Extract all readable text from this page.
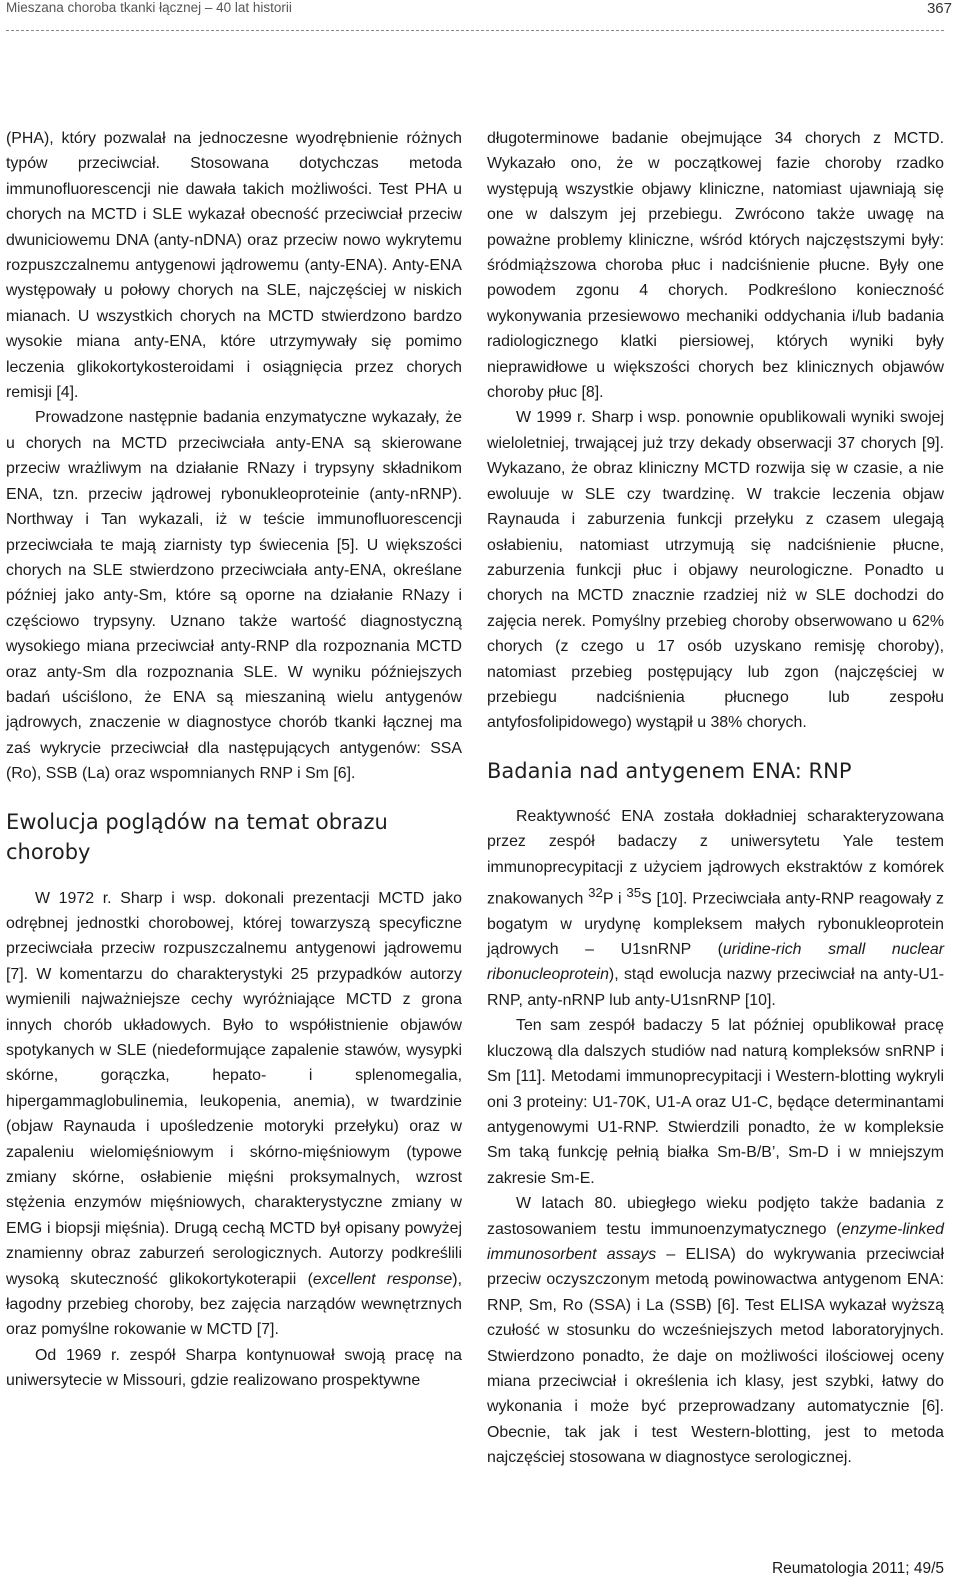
Mieszana choroba tkanki łącznej – 40 lat historii	367

(PHA), który pozwalał na jednoczesne wyodrębnienie różnych typów przeciwciał. Stosowana dotychczas metoda immunofluorescencji nie dawała takich możliwości. Test PHA u chorych na MCTD i SLE wykazał obecność przeciwciał przeciw dwuniciowemu DNA (anty-nDNA) oraz przeciw nowo wykrytemu rozpuszczalnemu antygenowi jądrowemu (anty-ENA). Anty-ENA występowały u połowy chorych na SLE, najczęściej w niskich mianach. U wszystkich chorych na MCTD stwierdzono bardzo wysokie miana anty-ENA, które utrzymywały się pomimo leczenia glikokortykosteroidami i osiągnięcia przez chorych remisji [4].

Prowadzone następnie badania enzymatyczne wykazały, że u chorych na MCTD przeciwciała anty-ENA są skierowane przeciw wrażliwym na działanie RNazy i trypsyny składnikom ENA, tzn. przeciw jądrowej rybonukleoproteinie (anty-nRNP). Northway i Tan wykazali, iż w teście immunofluorescencji przeciwciała te mają ziarnisty typ świecenia [5]. U większości chorych na SLE stwierdzono przeciwciała anty-ENA, określane później jako anty-Sm, które są oporne na działanie RNazy i częściowo trypsyny. Uznano także wartość diagnostyczną wysokiego miana przeciwciał anty-RNP dla rozpoznania MCTD oraz anty-Sm dla rozpoznania SLE. W wyniku późniejszych badań uściślono, że ENA są mieszaniną wielu antygenów jądrowych, znaczenie w diagnostyce chorób tkanki łącznej ma zaś wykrycie przeciwciał dla następujących antygenów: SSA (Ro), SSB (La) oraz wspomnianych RNP i Sm [6].

Ewolucja poglądów na temat obrazu choroby

W 1972 r. Sharp i wsp. dokonali prezentacji MCTD jako odrębnej jednostki chorobowej, której towarzyszą specyficzne przeciwciała przeciw rozpuszczalnemu antygenowi jądrowemu [7]. W komentarzu do charakterystyki 25 przypadków autorzy wymienili najważniejsze cechy wyróżniające MCTD z grona innych chorób układowych. Było to współistnienie objawów spotykanych w SLE (niedeformujące zapalenie stawów, wysypki skórne, gorączka, hepato- i splenomegalia, hipergammaglobulinemia, leukopenia, anemia), w twardzinie (objaw Raynauda i upośledzenie motoryki przełyku) oraz w zapaleniu wielomięśniowym i skórno-mięśniowym (typowe zmiany skórne, osłabienie mięśni proksymalnych, wzrost stężenia enzymów mięśniowych, charakterystyczne zmiany w EMG i biopsji mięśnia). Drugą cechą MCTD był opisany powyżej znamienny obraz zaburzeń serologicznych. Autorzy podkreślili wysoką skuteczność glikokortykoterapii (excellent response), łagodny przebieg choroby, bez zajęcia narządów wewnętrznych oraz pomyślne rokowanie w MCTD [7].

Od 1969 r. zespół Sharpa kontynuował swoją pracę na uniwersytecie w Missouri, gdzie realizowano prospektywne

długoterminowe badanie obejmujące 34 chorych z MCTD. Wykazało ono, że w początkowej fazie choroby rzadko występują wszystkie objawy kliniczne, natomiast ujawniają się one w dalszym jej przebiegu. Zwrócono także uwagę na poważne problemy kliniczne, wśród których najczęstszymi były: śródmiąższowa choroba płuc i nadciśnienie płucne. Były one powodem zgonu 4 chorych. Podkreślono konieczność wykonywania przesiewowo mechaniki oddychania i/lub badania radiologicznego klatki piersiowej, których wyniki były nieprawidłowe u większości chorych bez klinicznych objawów choroby płuc [8].

W 1999 r. Sharp i wsp. ponownie opublikowali wyniki swojej wieloletniej, trwającej już trzy dekady obserwacji 37 chorych [9]. Wykazano, że obraz kliniczny MCTD rozwija się w czasie, a nie ewoluuje w SLE czy twardzinę. W trakcie leczenia objaw Raynauda i zaburzenia funkcji przełyku z czasem ulegają osłabieniu, natomiast utrzymują się nadciśnienie płucne, zaburzenia funkcji płuc i objawy neurologiczne. Ponadto u chorych na MCTD znacznie rzadziej niż w SLE dochodzi do zajęcia nerek. Pomyślny przebieg choroby obserwowano u 62% chorych (z czego u 17 osób uzyskano remisję choroby), natomiast przebieg postępujący lub zgon (najczęściej w przebiegu nadciśnienia płucnego lub zespołu antyfosfolipidowego) wystąpił u 38% chorych.

Badania nad antygenem ENA: RNP

Reaktywność ENA została dokładniej scharakteryzowana przez zespół badaczy z uniwersytetu Yale testem immunoprecypitacji z użyciem jądrowych ekstraktów z komórek znakowanych $^{32}$P i $^{35}$S [10]. Przeciwciała anty-RNP reagowały z bogatym w urydynę kompleksem małych rybonukleoprotein jądrowych – U1snRNP (uridine-rich small nuclear ribonucleoprotein), stąd ewolucja nazwy przeciwciał na anty-U1-RNP, anty-nRNP lub anty-U1snRNP [10].

Ten sam zespół badaczy 5 lat później opublikował pracę kluczową dla dalszych studiów nad naturą kompleksów snRNP i Sm [11]. Metodami immunoprecypitacji i Western-blotting wykryli oni 3 proteiny: U1-70K, U1-A oraz U1-C, będące determinantami antygenowymi U1-RNP. Stwierdzili ponadto, że w kompleksie Sm taką funkcję pełnią białka Sm-B/B’, Sm-D i w mniejszym zakresie Sm-E.

W latach 80. ubiegłego wieku podjęto także badania z zastosowaniem testu immunoenzymatycznego (enzyme-linked immunosorbent assays – ELISA) do wykrywania przeciwciał przeciw oczyszczonym metodą powinowactwa antygenom ENA: RNP, Sm, Ro (SSA) i La (SSB) [6]. Test ELISA wykazał wyższą czułość w stosunku do wcześniejszych metod laboratoryjnych. Stwierdzono ponadto, że daje on możliwości ilościowej oceny miana przeciwciał i określenia ich klasy, jest szybki, łatwy do wykonania i może być przeprowadzany automatycznie [6]. Obecnie, tak jak i test Western-blotting, jest to metoda najczęściej stosowana w diagnostyce serologicznej.

Reumatologia 2011; 49/5
